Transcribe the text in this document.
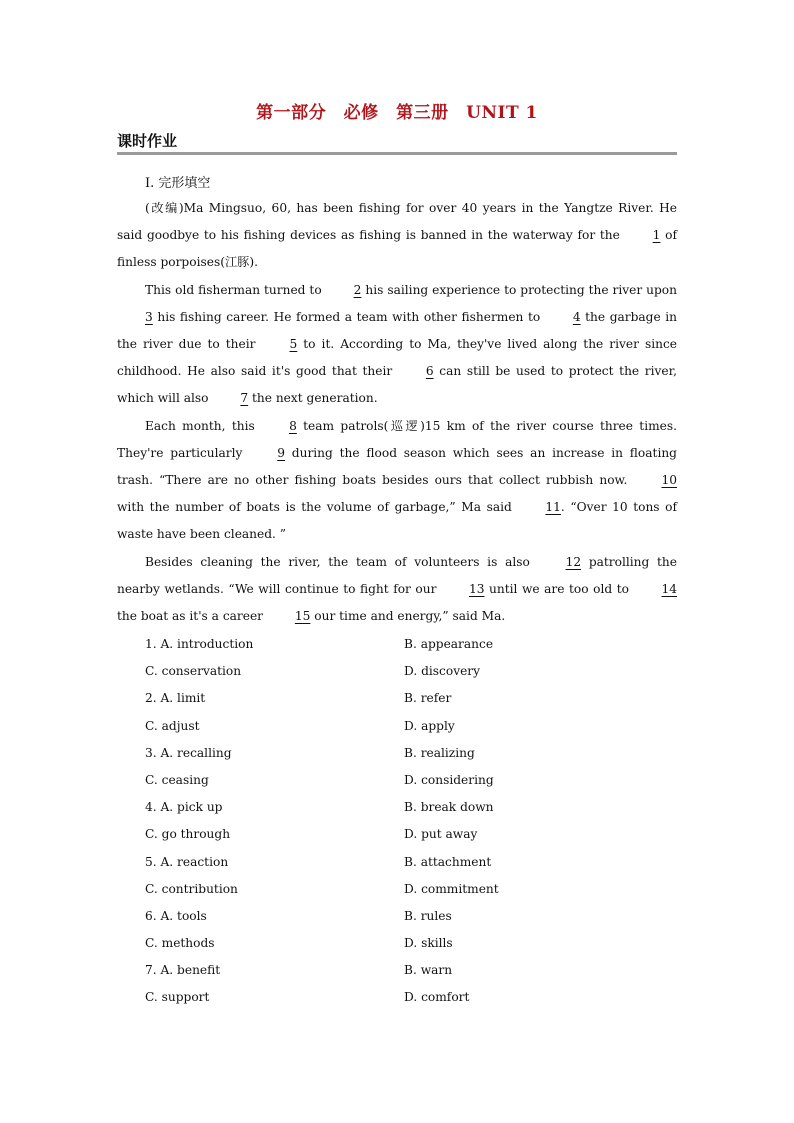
第一部分　必修　第三册　UNIT 1
课时作业
Ⅰ. 完形填空

(改编)Ma Mingsuo, 60, has been fishing for over 40 years in the Yangtze River. He said goodbye to his fishing devices as fishing is banned in the waterway for the 1 of finless porpoises(江豚).

This old fisherman turned to 2 his sailing experience to protecting the river upon 3 his fishing career. He formed a team with other fishermen to 4 the garbage in the river due to their 5 to it. According to Ma, they've lived along the river since childhood. He also said it's good that their 6 can still be used to protect the river, which will also 7 the next generation.

Each month, this 8 team patrols(巡逻)15 km of the river course three times. They're particularly 9 during the flood season which sees an increase in floating trash. “There are no other fishing boats besides ours that collect rubbish now. 10 with the number of boats is the volume of garbage,” Ma said 11. “Over 10 tons of waste have been cleaned. ”

Besides cleaning the river, the team of volunteers is also 12 patrolling the nearby wetlands. “We will continue to fight for our 13 until we are too old to 14 the boat as it's a career 15 our time and energy,” said Ma.

1. A. introduction	B. appearance
C. conservation	D. discovery
2. A. limit	B. refer
C. adjust	D. apply
3. A. recalling	B. realizing
C. ceasing	D. considering
4. A. pick up	B. break down
C. go through	D. put away
5. A. reaction	B. attachment
C. contribution	D. commitment
6. A. tools	B. rules
C. methods	D. skills
7. A. benefit	B. warn
C. support	D. comfort
